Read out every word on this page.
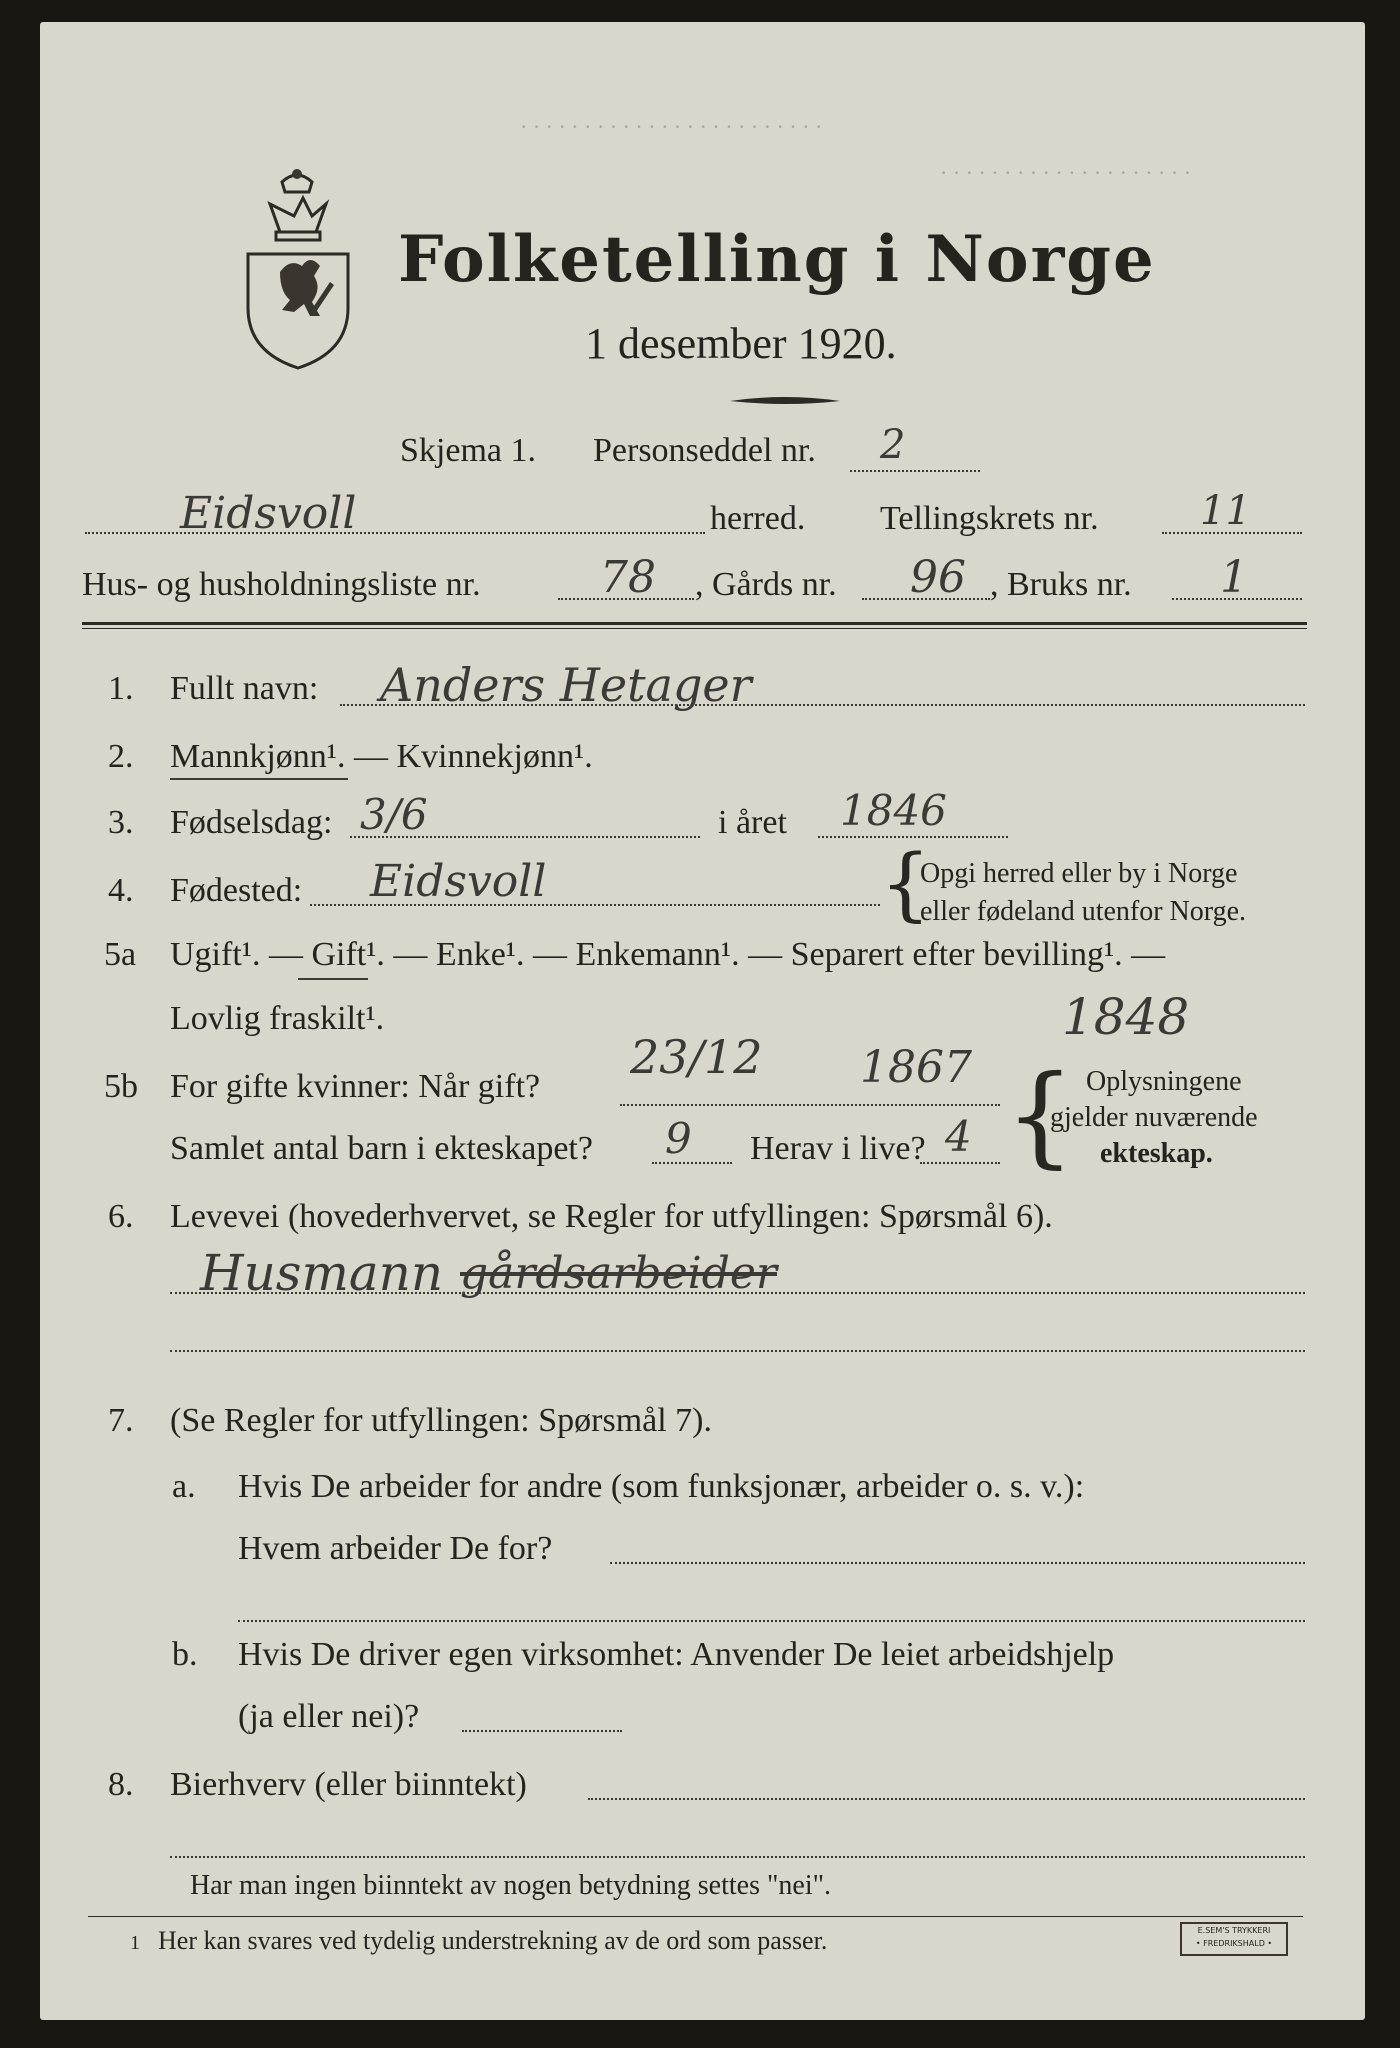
· · · · · · · · · · · · · · · · · · · · · · · ·
· · · · · · · · · · · · · · · · · · · ·
Folketelling i Norge
1 desember 1920.
Skjema 1. Personseddel nr. 2
Eidsvoll	herred. Tellingskrets nr.	11
Hus- og husholdningsliste nr.	78 , Gårds nr. 96 , Bruks nr. 1
1. Fullt navn: Anders Hetager
2. Mannkjønn¹. — Kvinnekjønn¹.
3. Fødselsdag: 3/6	i året 1846
4. Fødested: Eidsvoll	{
Opgi herred eller by i Norge
eller fødeland utenfor Norge.
5a Ugift¹. — Gift¹. — Enke¹. — Enkemann¹. — Separert efter bevilling¹. —
Lovlig fraskilt¹.
5b For gifte kvinner: Når gift?
23/12 1867
1848
Samlet antal barn i ekteskapet? 9 Herav i live? 4 { Oplysningene
gjelder nuværende
ekteskap.
6. Levevei (hovederhvervet, se Regler for utfyllingen: Spørsmål 6).
Husmann gårdsarbeider
7. (Se Regler for utfyllingen: Spørsmål 7).
a. Hvis De arbeider for andre (som funksjonær, arbeider o. s. v.):
Hvem arbeider De for?
b. Hvis De driver egen virksomhet: Anvender De leiet arbeidshjelp
(ja eller nei)?
8. Bierhverv (eller biinntekt)
Har man ingen biinntekt av nogen betydning settes "nei".
1 Her kan svares ved tydelig understrekning av de ord som passer.	E.SEM'S TRYKKERI
• FREDRIKSHALD •
